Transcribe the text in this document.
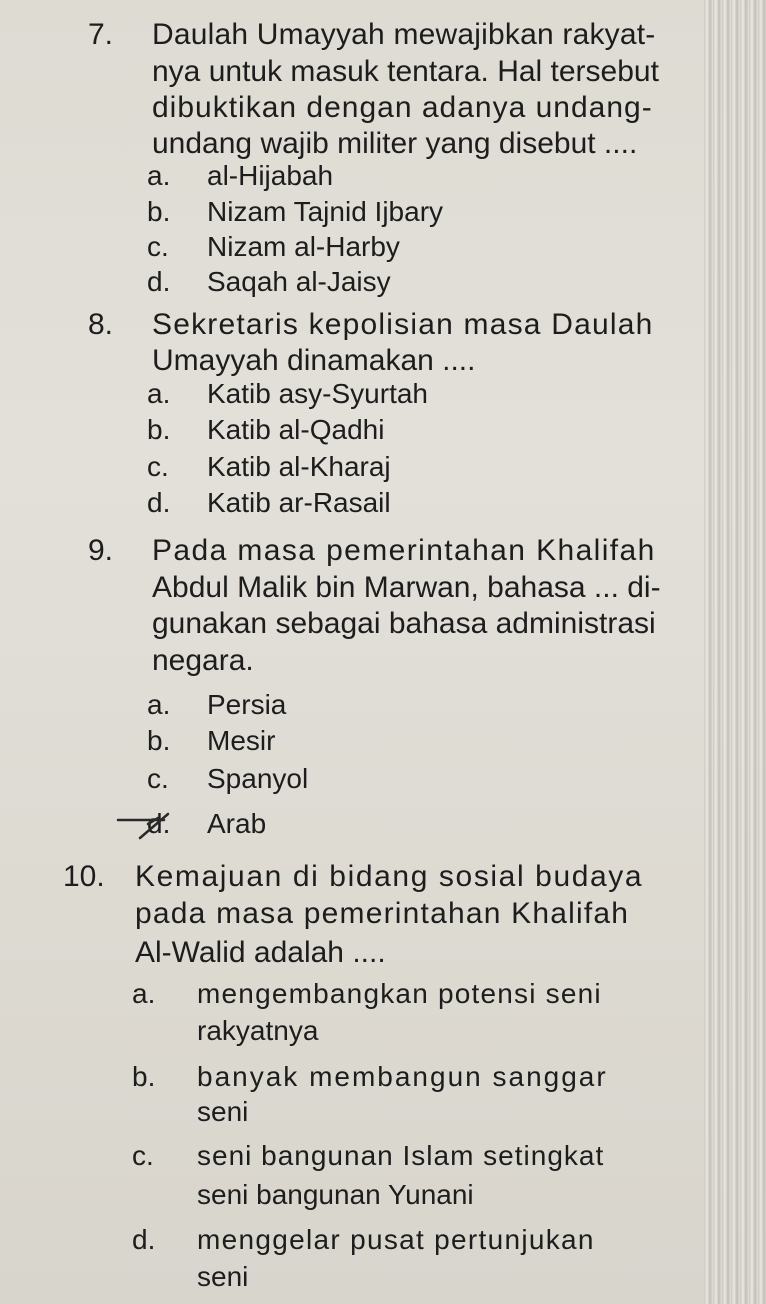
7. Daulah Umayyah mewajibkan rakyat-
nya untuk masuk tentara. Hal tersebut
dibuktikan dengan adanya undang-
undang wajib militer yang disebut ....
a. al-Hijabah
b. Nizam Tajnid Ijbary
c. Nizam al-Harby
d. Saqah al-Jaisy
8. Sekretaris kepolisian masa Daulah
Umayyah dinamakan ....
a. Katib asy-Syurtah
b. Katib al-Qadhi
c. Katib al-Kharaj
d. Katib ar-Rasail
9. Pada masa pemerintahan Khalifah
Abdul Malik bin Marwan, bahasa ... di-
gunakan sebagai bahasa administrasi
negara.
a. Persia
b. Mesir
c. Spanyol
d. Arab
10. Kemajuan di bidang sosial budaya
pada masa pemerintahan Khalifah
Al-Walid adalah ....
a. mengembangkan potensi seni
rakyatnya
b. banyak membangun sanggar
seni
c. seni bangunan Islam setingkat
seni bangunan Yunani
d. menggelar pusat pertunjukan
seni
